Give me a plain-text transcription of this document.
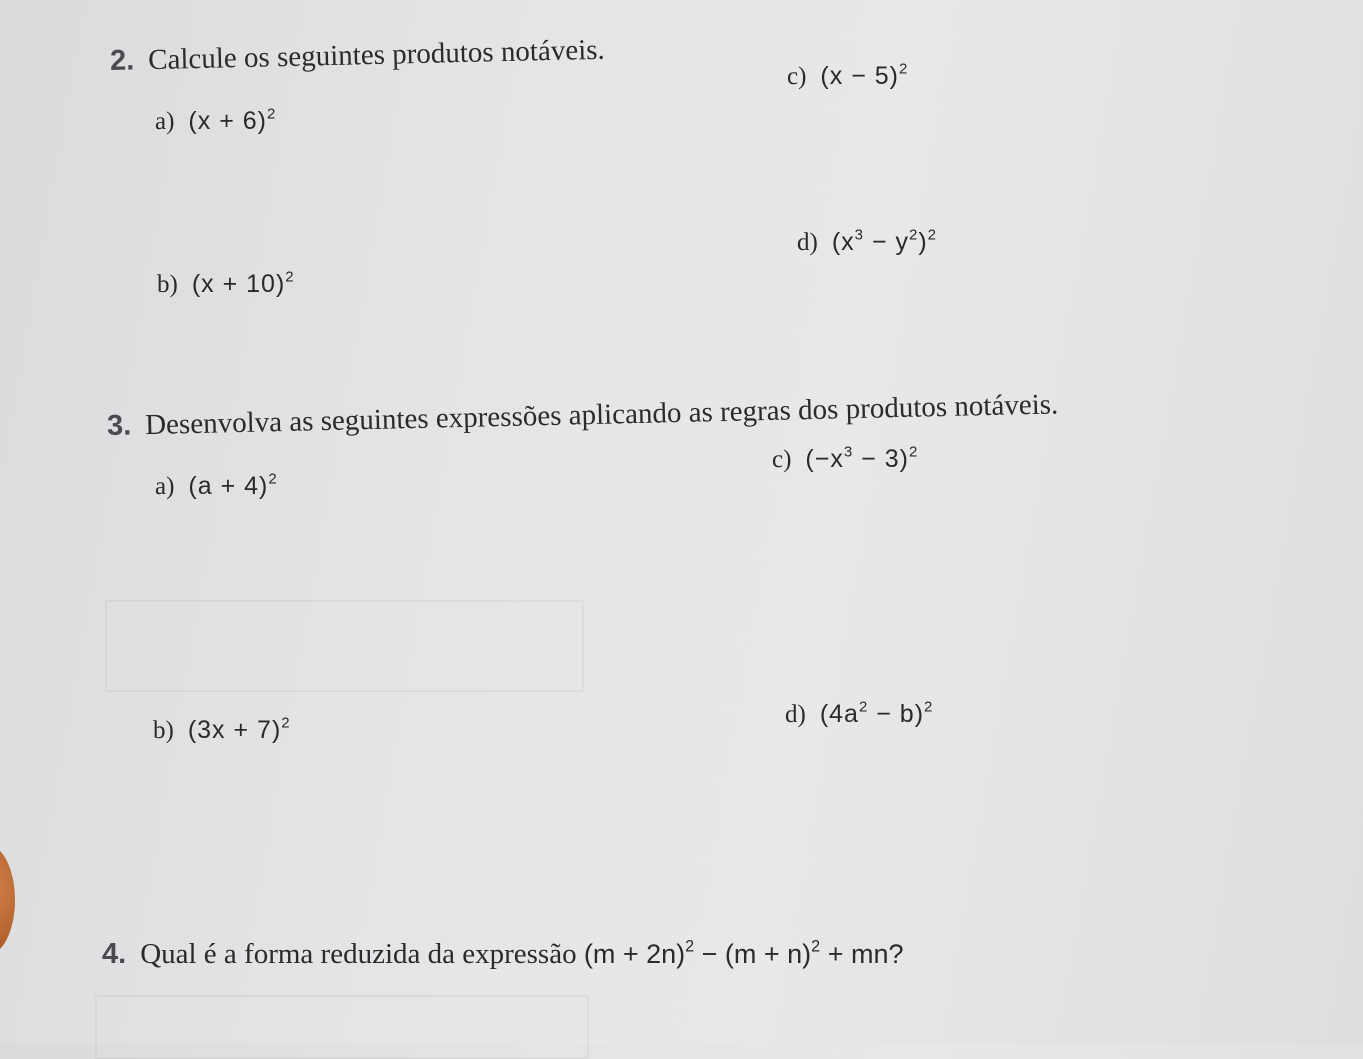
2. Calcule os seguintes produtos notáveis.
a) $(x + 6)^2$
b) $(x + 10)^2$
c) $(x - 5)^2$
d) $(x^3 - y^2)^2$
3. Desenvolva as seguintes expressões aplicando as regras dos produtos notáveis.
a) $(a + 4)^2$
b) $(3x + 7)^2$
c) $(-x^3 - 3)^2$
d) $(4a^2 - b)^2$
4. Qual é a forma reduzida da expressão $(m + 2n)^2 - (m + n)^2$ + mn?
